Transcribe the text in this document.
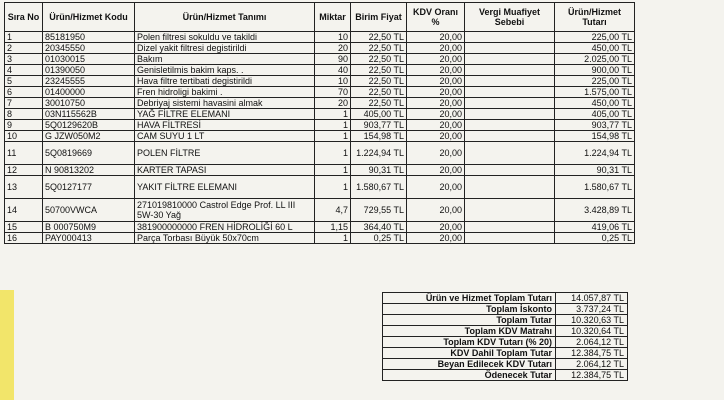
Sıra No	Ürün/Hizmet Kodu	Ürün/Hizmet Tanımı	Miktar	Birim Fiyat	KDV Oranı %	Vergi Muafiyet Sebebi	Ürün/Hizmet Tutarı
1	85181950	Polen filtresi sokuldu ve takildi	10	22,50 TL	20,00		225,00 TL
2	20345550	Dizel yakit filtresi degistirildi	20	22,50 TL	20,00		450,00 TL
3	01030015	Bakım	90	22,50 TL	20,00		2.025,00 TL
4	01390050	Genisletilmis bakim kaps. .	40	22,50 TL	20,00		900,00 TL
5	23245555	Hava filtre tertibati degistirildi	10	22,50 TL	20,00		225,00 TL
6	01400000	Fren hidroligi bakimi .	70	22,50 TL	20,00		1.575,00 TL
7	30010750	Debriyaj sistemi havasini almak	20	22,50 TL	20,00		450,00 TL
8	03N115562B	YAĞ FİLTRE ELEMANI	1	405,00 TL	20,00		405,00 TL
9	5Q0129620B	HAVA FİLTRESİ	1	903,77 TL	20,00		903,77 TL
10	G JZW050M2	CAM SUYU 1 LT	1	154,98 TL	20,00		154,98 TL
11	5Q0819669	POLEN FİLTRE	1	1.224,94 TL	20,00		1.224,94 TL
12	N 90813202	KARTER TAPASI	1	90,31 TL	20,00		90,31 TL
13	5Q0127177	YAKIT FİLTRE ELEMANI	1	1.580,67 TL	20,00		1.580,67 TL
14	50700VWCA	271019810000 Castrol Edge Prof. LL III 5W-30 Yağ	4,7	729,55 TL	20,00		3.428,89 TL
15	B 000750M9	381900000000 FREN HİDROLİĞİ 60 L	1,15	364,40 TL	20,00		419,06 TL
16	PAY000413	Parça Torbası Büyük 50x70cm	1	0,25 TL	20,00		0,25 TL
Ürün ve Hizmet Toplam Tutarı	14.057,87 TL
Toplam İskonto	3.737,24 TL
Toplam Tutar	10.320,63 TL
Toplam KDV Matrahı	10.320,64 TL
Toplam KDV Tutarı (% 20)	2.064,12 TL
KDV Dahil Toplam Tutar	12.384,75 TL
Beyan Edilecek KDV Tutarı	2.064,12 TL
Ödenecek Tutar	12.384,75 TL
